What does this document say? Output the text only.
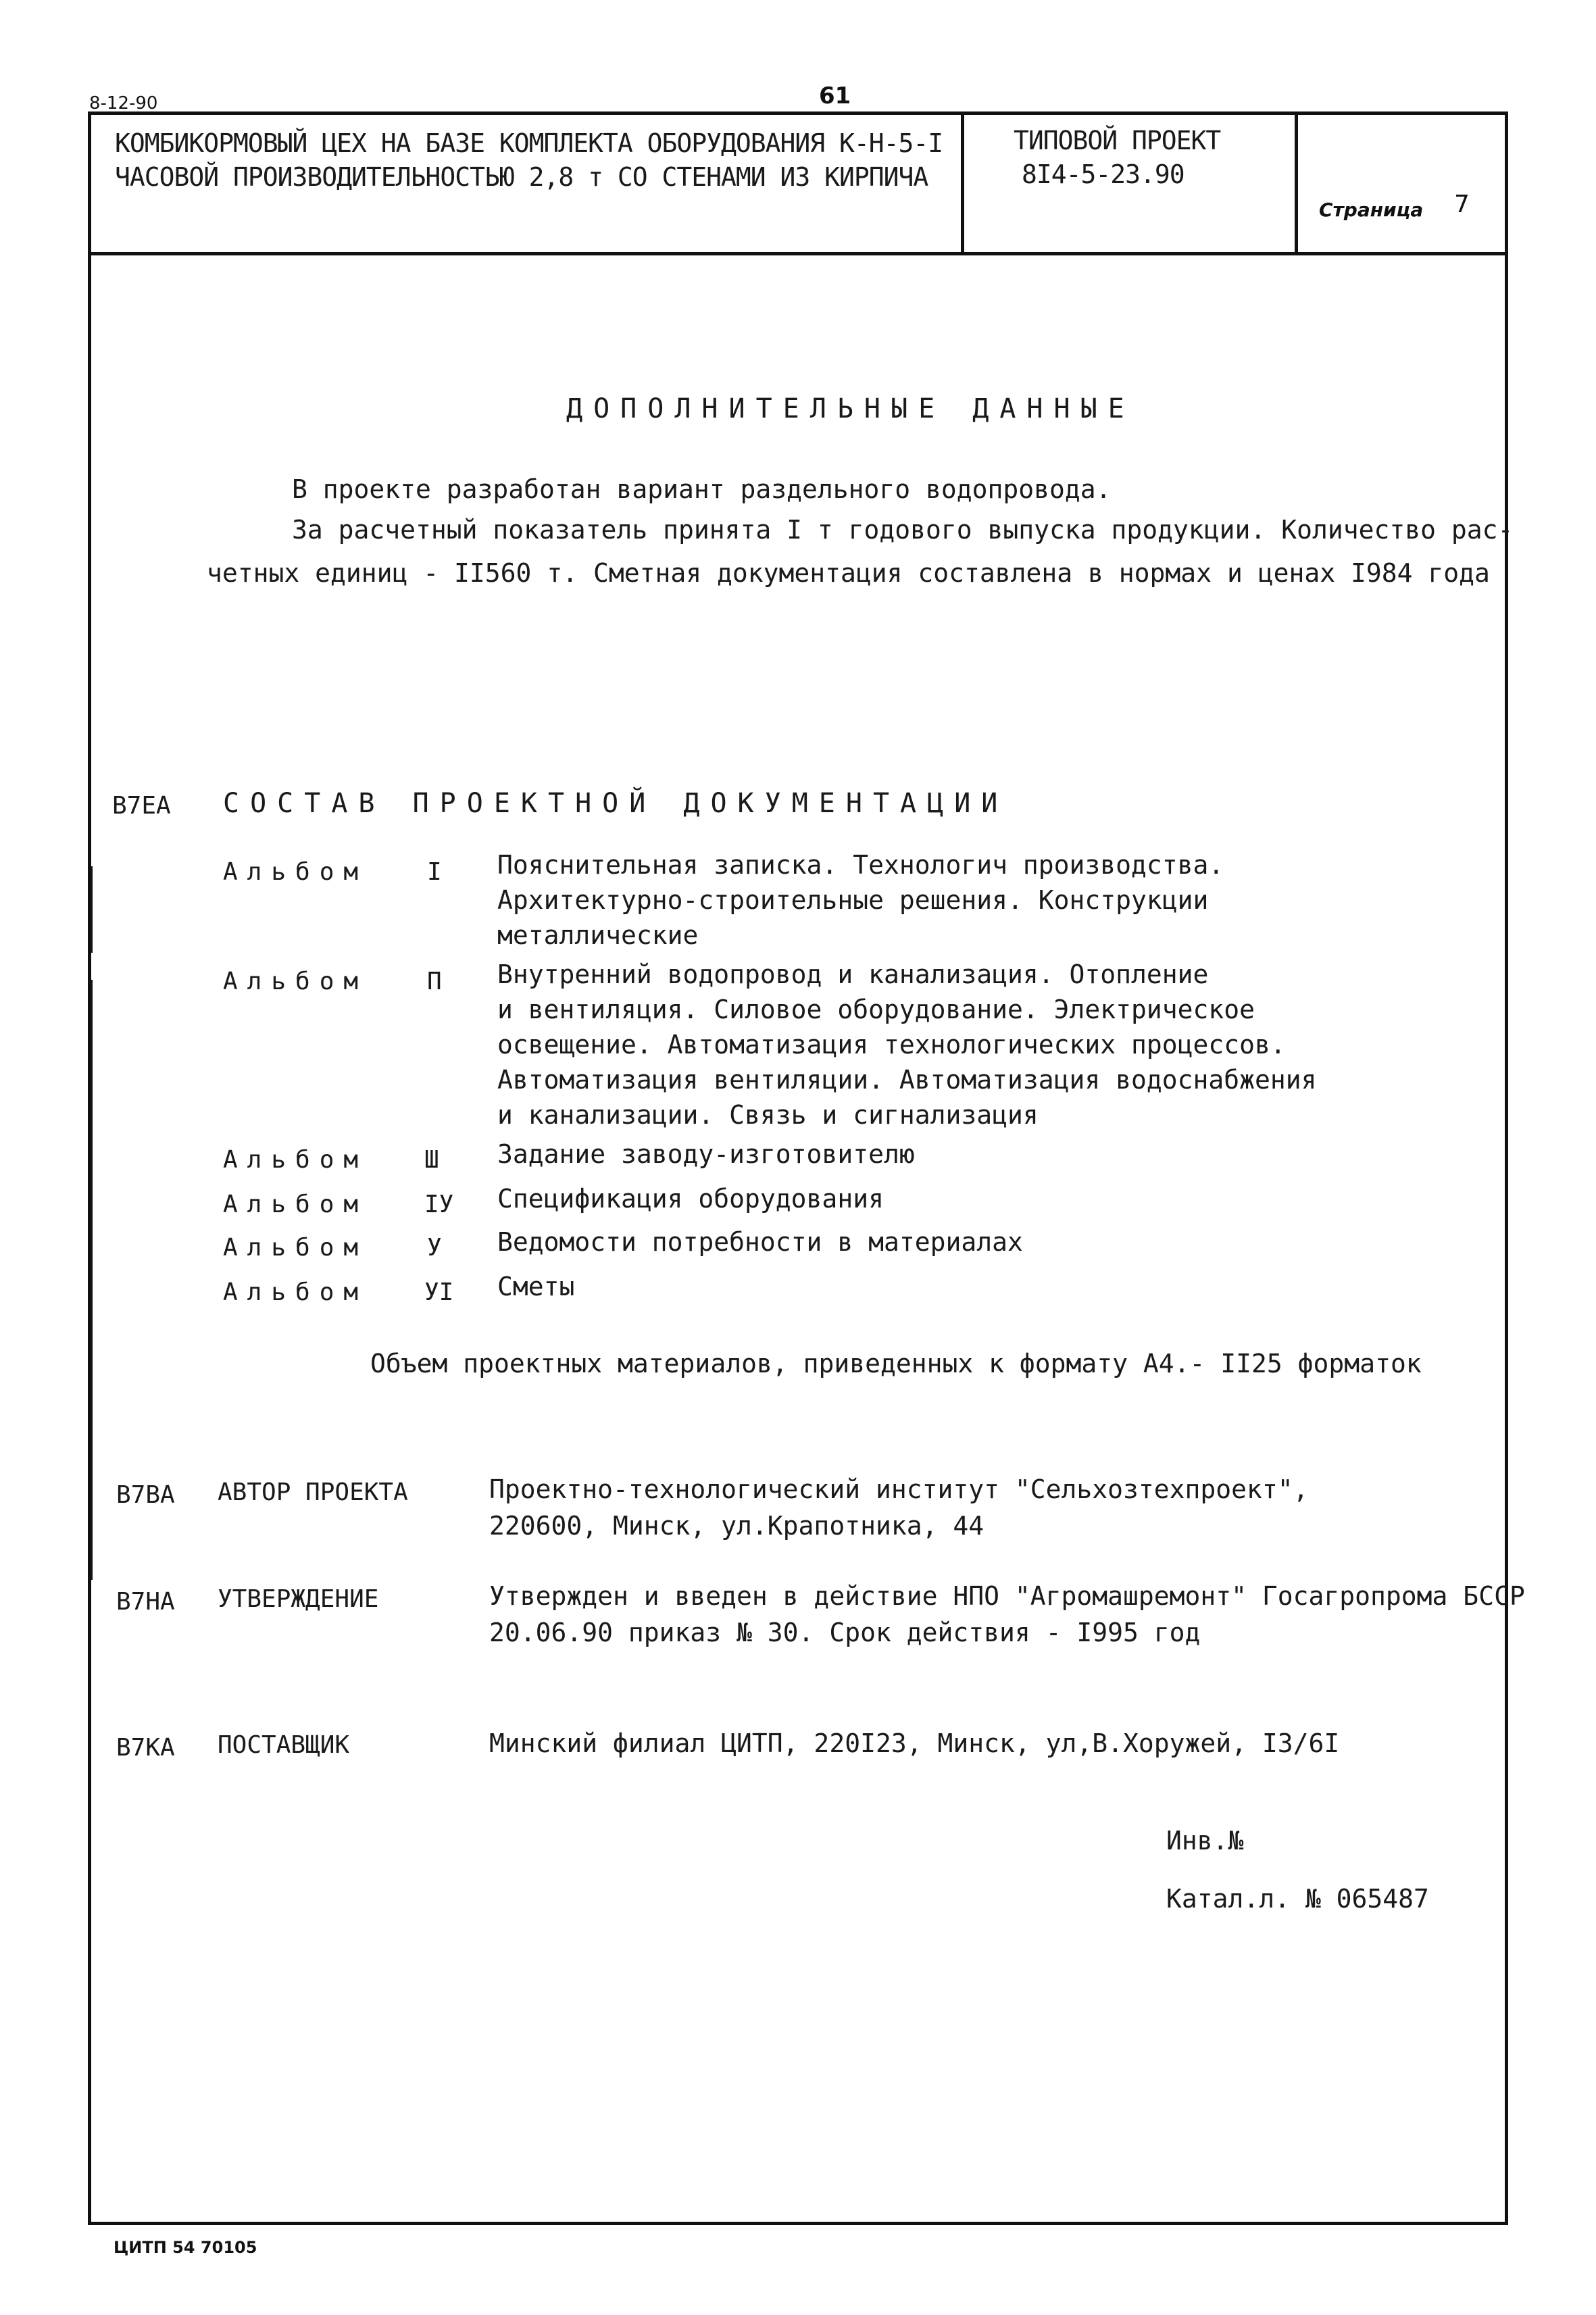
8-12-90	61
КОМБИКОРМОВЫЙ ЦЕХ НА БАЗЕ КОМПЛЕКТА ОБОРУДОВАНИЯ К-Н-5-I
ЧАСОВОЙ ПРОИЗВОДИТЕЛЬНОСТЬЮ 2,8 т СО СТЕНАМИ ИЗ КИРПИЧА
ТИПОВОЙ ПРОЕКТ
8I4-5-23.90
Страница 7
ДОПОЛНИТЕЛЬНЫЕ ДАННЫЕ
В проекте разработан вариант раздельного водопровода.
За расчетный показатель принята I т годового выпуска продукции. Количество рас-
четных единиц - II560 т. Сметная документация составлена в нормах и ценах I984 года
В7ЕА СОСТАВ ПРОЕКТНОЙ ДОКУМЕНТАЦИИ
Альбом I Пояснительная записка. Технологич производства.
Архитектурно-строительные решения. Конструкции
металлические
Альбом П Внутренний водопровод и канализация. Отопление
и вентиляция. Силовое оборудование. Электрическое
освещение. Автоматизация технологических процессов.
Автоматизация вентиляции. Автоматизация водоснабжения
и канализации. Связь и сигнализация
Альбом Ш Задание заводу-изготовителю
Альбом IУ Спецификация оборудования
Альбом У Ведомости потребности в материалах
Альбом УI Сметы
Объем проектных материалов, приведенных к формату А4.- II25 форматок
В7ВА АВТОР ПРОЕКТА	Проектно-технологический институт "Сельхозтехпроект",
220600, Минск, ул.Крапотника, 44
В7НА УТВЕРЖДЕНИЕ	Утвержден и введен в действие НПО "Агромашремонт" Госагропрома БССР
20.06.90 приказ № 30. Срок действия - I995 год
В7КА ПОСТАВЩИК	Минский филиал ЦИТП, 220I23, Минск, ул,В.Хоружей, I3/6I
Инв.№
Катал.л. № 065487
ЦИТП 54 70105
